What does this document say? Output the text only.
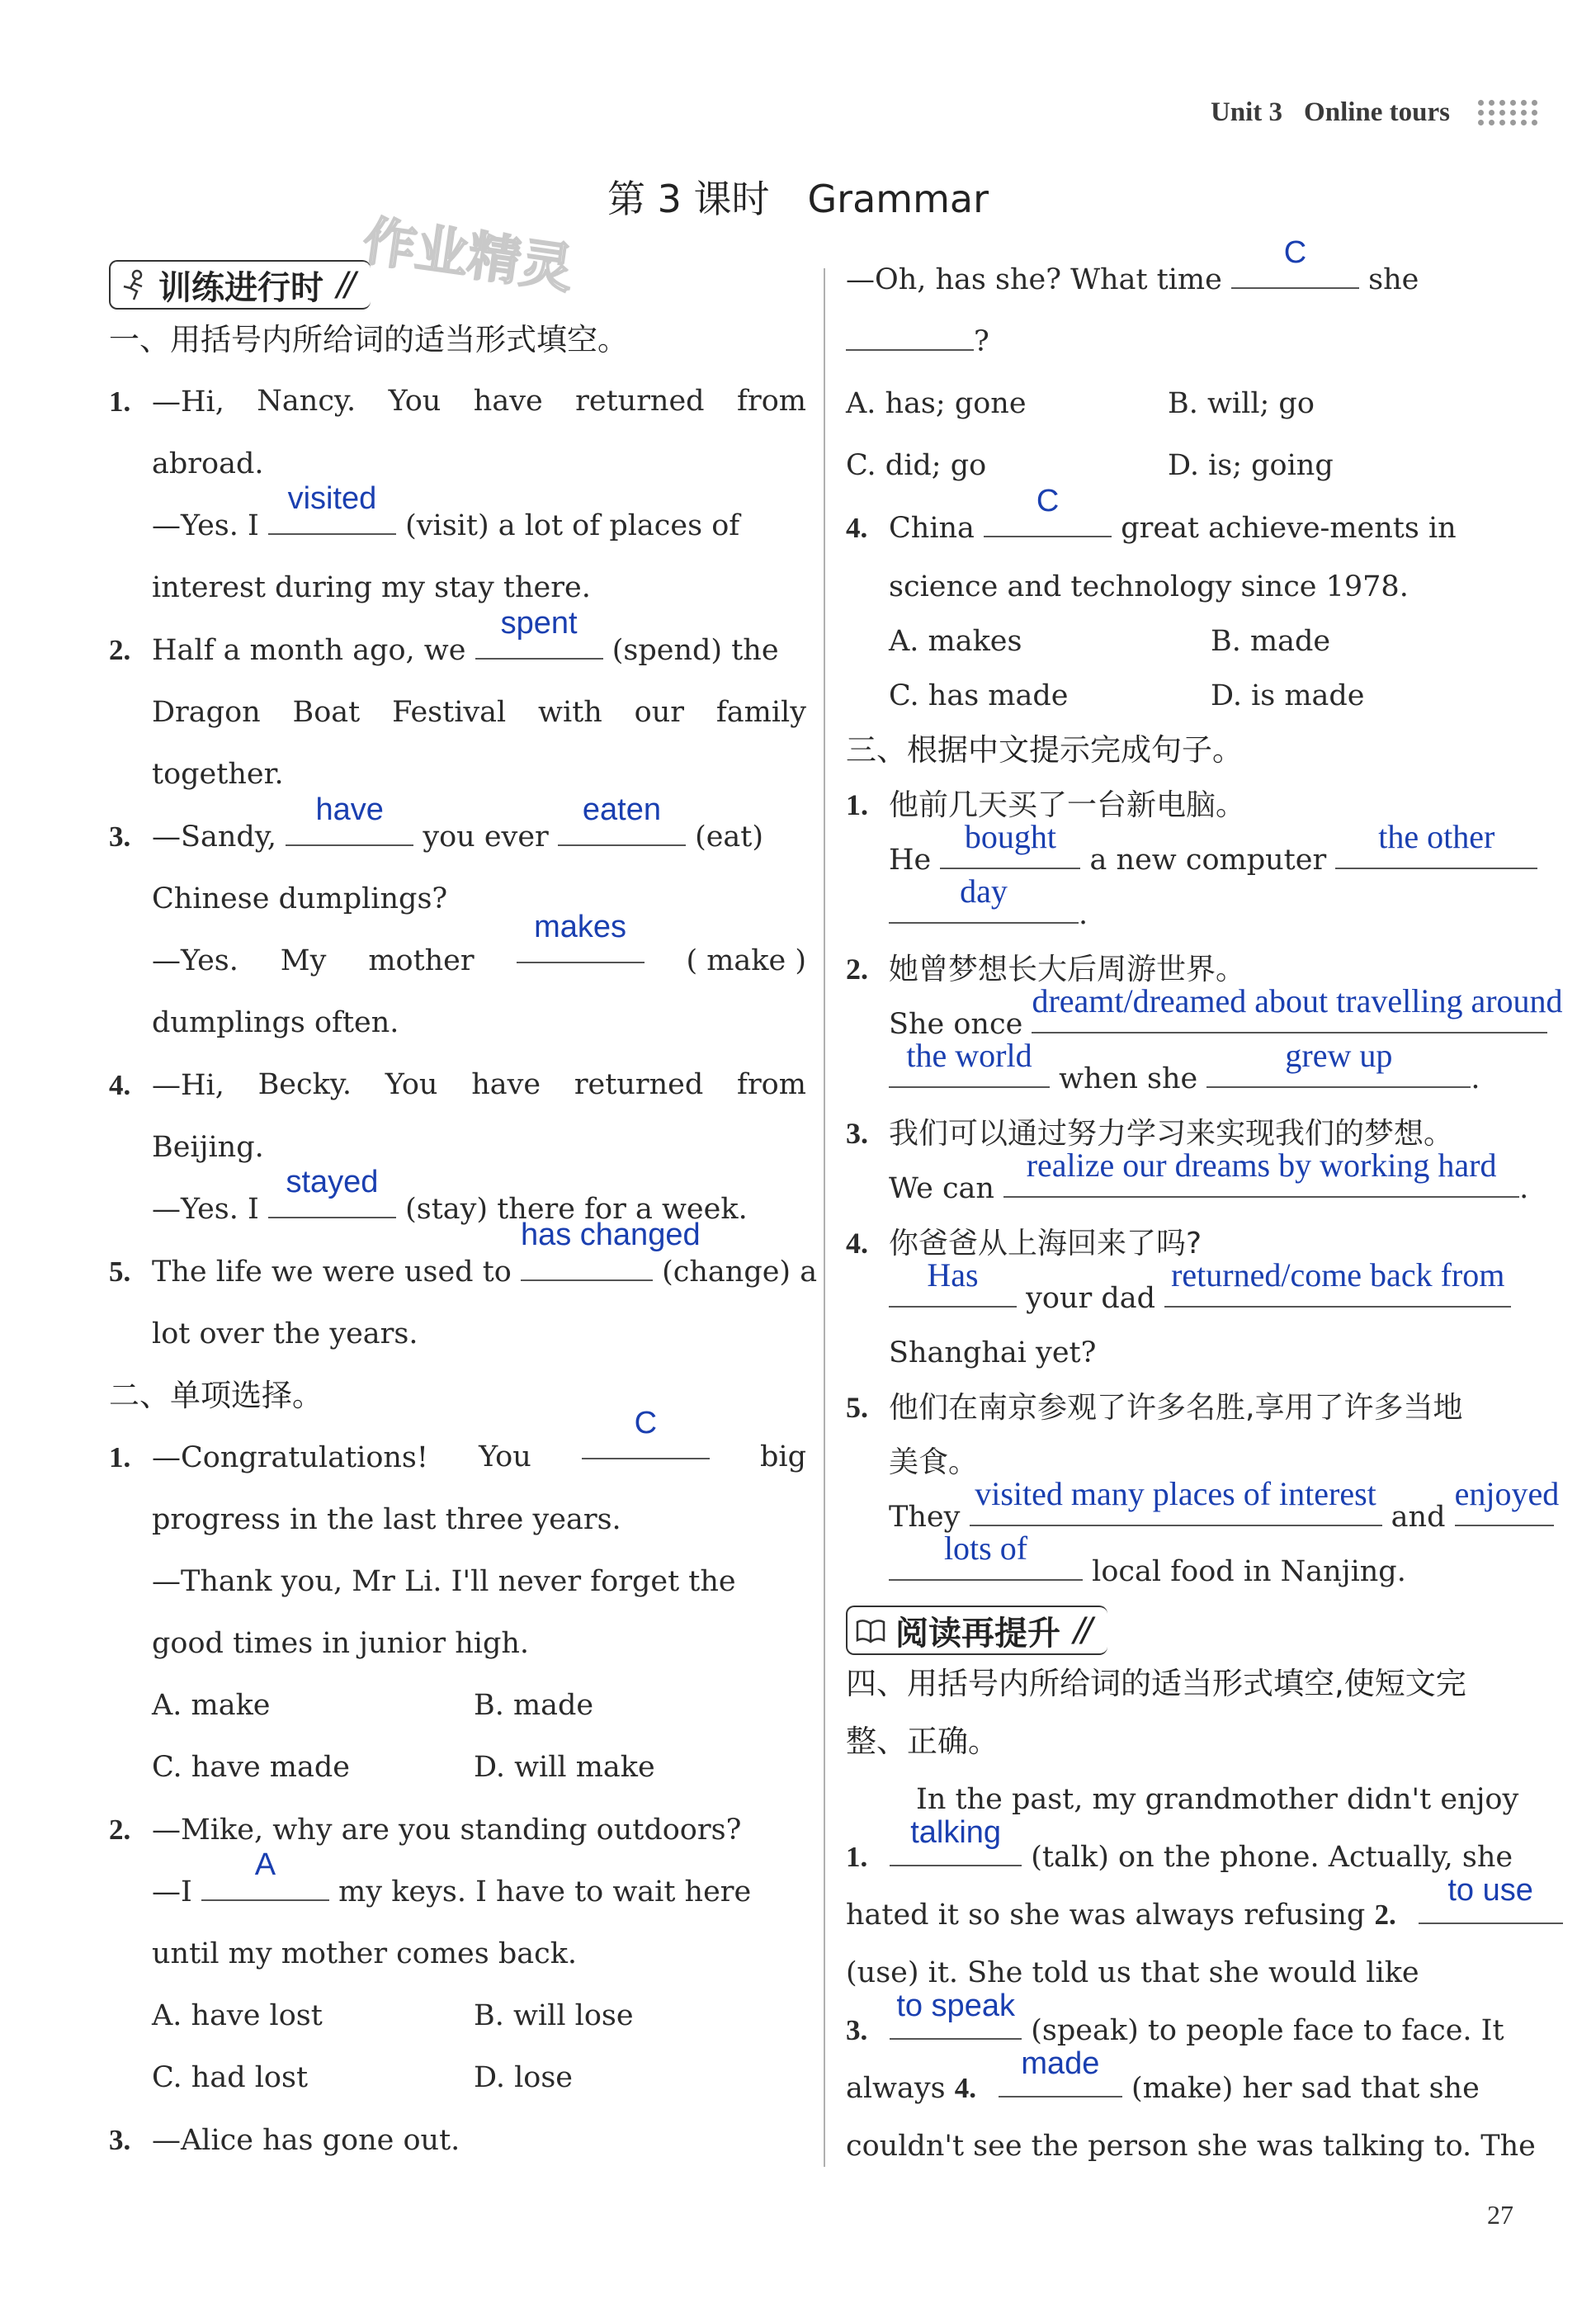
Unit 3 Online tours
第 3 课时　Grammar
作业精灵
训练进行时 //
一、用括号内所给词的适当形式填空。
1. —Hi, Nancy. You have returned from
abroad.
—Yes. I
visited
(visit) a lot of places of
interest during my stay there.
2. Half a month ago, we
spent
(spend) the
Dragon Boat Festival with our family
together.
3. —Sandy,
have
you ever
eaten
(eat)
Chinese dumplings?
—Yes. My mother
makes
( make )
dumplings often.
4. —Hi, Becky. You have returned from
Beijing.
—Yes. I
stayed
(stay) there for a week.
5. The life we were used to
has changed
(change) a
lot over the years.
二、单项选择。
1. —Congratulations! You
C
big
progress in the last three years.
—Thank you, Mr Li. I'll never forget the
good times in junior high.
A. make	B. made
C. have made	D. will make
2. —Mike, why are you standing outdoors?
—I
A
my keys. I have to wait here
until my mother comes back.
A. have lost	B. will lose
C. had lost	D. lose
3. —Alice has gone out.
—Oh, has she? What time
C
she
?
A. has; gone	B. will; go
C. did; go	D. is; going
4. China
C
great achieve-ments in
science and technology since 1978.
A. makes	B. made
C. has made	D. is made
三、根据中文提示完成句子。
1. 他前几天买了一台新电脑。
He
bought
a new computer
the other
day
.
2. 她曾梦想长大后周游世界。
She once
dreamt/dreamed about travelling around
the world
when she
grew up
.
3. 我们可以通过努力学习来实现我们的梦想。
We can
realize our dreams by working hard
.
4. 你爸爸从上海回来了吗?
Has
your dad
returned/come back from
Shanghai yet?
5. 他们在南京参观了许多名胜,享用了许多当地
美食。
They
visited many places of interest
and
enjoyed
lots of
local food in Nanjing.
阅读再提升 //
四、用括号内所给词的适当形式填空,使短文完
整、正确。
In the past, my grandmother didn't enjoy
1.
talking
(talk) on the phone. Actually, she
hated it so she was always refusing 2.
to use
(use) it. She told us that she would like
3.
to speak
(speak) to people face to face. It
always 4.
made
(make) her sad that she
couldn't see the person she was talking to. The
27
